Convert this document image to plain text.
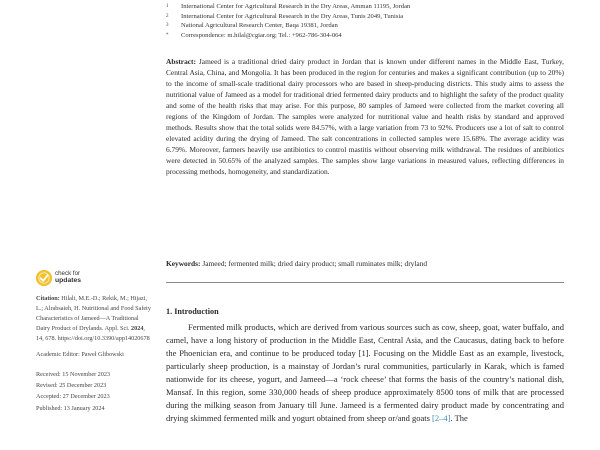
1	International Center for Agricultural Research in the Dry Areas, Amman 11195, Jordan
2	International Center for Agricultural Research in the Dry Areas, Tunis 2049, Tunisia
3	National Agricultural Research Center, Baqa 19381, Jordan
*	Correspondence: m.hilal@cgiar.org; Tel.: +962-786-304-064
Abstract: Jameed is a traditional dried dairy product in Jordan that is known under different names in the Middle East, Turkey, Central Asia, China, and Mongolia. It has been produced in the region for centuries and makes a significant contribution (up to 20%) to the income of small-scale traditional dairy processors who are based in sheep-producing districts. This study aims to assess the nutritional value of Jameed as a model for traditional dried fermented dairy products and to highlight the safety of the product quality and some of the health risks that may arise. For this purpose, 80 samples of Jameed were collected from the market covering all regions of the Kingdom of Jordan. The samples were analyzed for nutritional value and health risks by standard and approved methods. Results show that the total solids were 84.57%, with a large variation from 73 to 92%. Producers use a lot of salt to control elevated acidity during the drying of Jameed. The salt concentrations in collected samples were 15.68%. The average acidity was 6.79%. Moreover, farmers heavily use antibiotics to control mastitis without observing milk withdrawal. The residues of antibiotics were detected in 50.65% of the analyzed samples. The samples show large variations in measured values, reflecting differences in processing methods, homogeneity, and standardization.
Keywords: Jameed; fermented milk; dried dairy product; small ruminates milk; dryland
check for
updates

Citation: Hilali, M.E.-D.; Rekik, M.; Hijazi, L.; Alrabsaieh, H. Nutritional and Food Safety Characteristics of Jameed—A Traditional Dairy Product of Drylands. Appl. Sci. 2024, 14, 678. https://doi.org/10.3390/app14020678

Academic Editor: Paweł Glibowski

Received: 15 November 2023

Revised: 25 December 2023

Accepted: 27 December 2023

Published: 13 January 2024

1. Introduction

Fermented milk products, which are derived from various sources such as cow, sheep, goat, water buffalo, and camel, have a long history of production in the Middle East, Central Asia, and the Caucasus, dating back to before the Phoenician era, and continue to be produced today [1]. Focusing on the Middle East as an example, livestock, particularly sheep production, is a mainstay of Jordan’s rural communities, particularly in Karak, which is famed nationwide for its cheese, yogurt, and Jameed—a ‘rock cheese’ that forms the basis of the country’s national dish, Mansaf. In this region, some 330,000 heads of sheep produce approximately 8500 tons of milk that are processed during the milking season from January till June. Jameed is a fermented dairy product made by concentrating and drying skimmed fermented milk and yogurt obtained from sheep or/and goats [2–4]. The
